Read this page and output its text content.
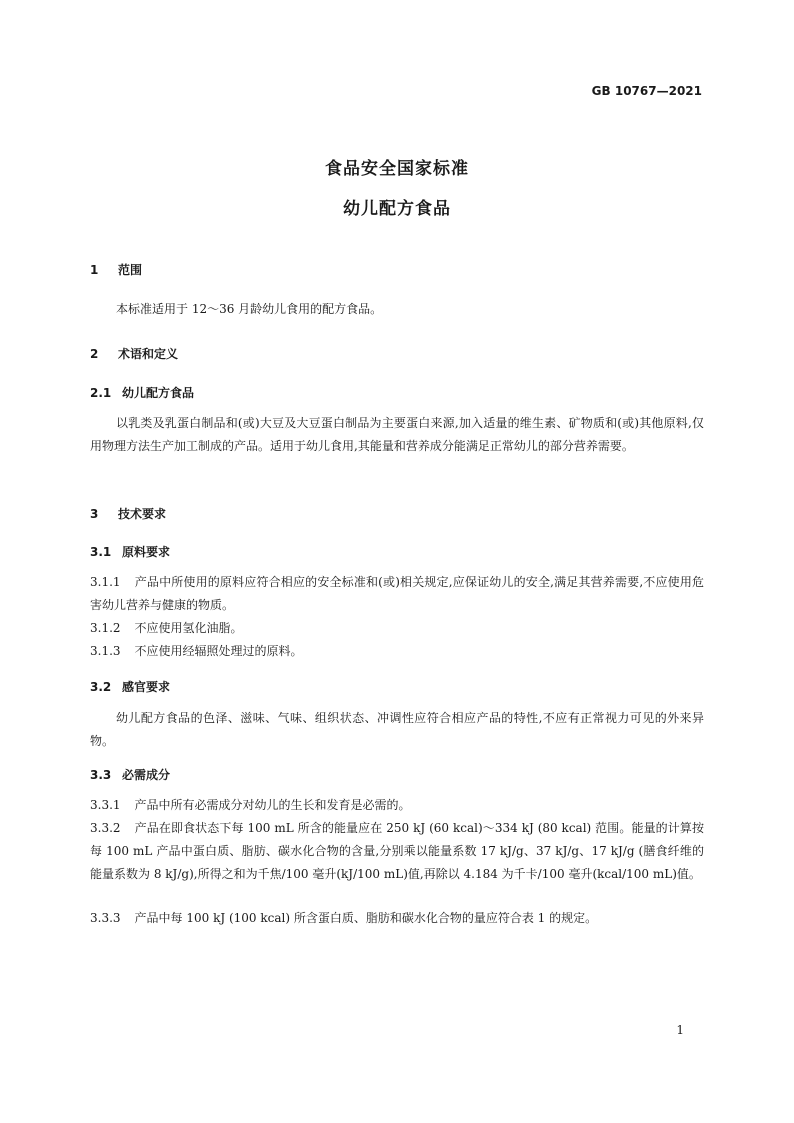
GB 10767—2021
食品安全国家标准
幼儿配方食品
1 范围
本标准适用于 12～36 月龄幼儿食用的配方食品。
2 术语和定义
2.1 幼儿配方食品
以乳类及乳蛋白制品和(或)大豆及大豆蛋白制品为主要蛋白来源,加入适量的维生素、矿物质和(或)其他原料,仅用物理方法生产加工制成的产品。适用于幼儿食用,其能量和营养成分能满足正常幼儿的部分营养需要。
3 技术要求
3.1 原料要求
3.1.1 产品中所使用的原料应符合相应的安全标准和(或)相关规定,应保证幼儿的安全,满足其营养需要,不应使用危害幼儿营养与健康的物质。
3.1.2 不应使用氢化油脂。
3.1.3 不应使用经辐照处理过的原料。
3.2 感官要求
幼儿配方食品的色泽、滋味、气味、组织状态、冲调性应符合相应产品的特性,不应有正常视力可见的外来异物。
3.3 必需成分
3.3.1 产品中所有必需成分对幼儿的生长和发育是必需的。
3.3.2 产品在即食状态下每 100 mL 所含的能量应在 250 kJ (60 kcal)～334 kJ (80 kcal) 范围。能量的计算按每 100 mL 产品中蛋白质、脂肪、碳水化合物的含量,分别乘以能量系数 17 kJ/g、37 kJ/g、17 kJ/g (膳食纤维的能量系数为 8 kJ/g),所得之和为千焦/100 毫升(kJ/100 mL)值,再除以 4.184 为千卡/100 毫升(kcal/100 mL)值。
3.3.3 产品中每 100 kJ (100 kcal) 所含蛋白质、脂肪和碳水化合物的量应符合表 1 的规定。
1
